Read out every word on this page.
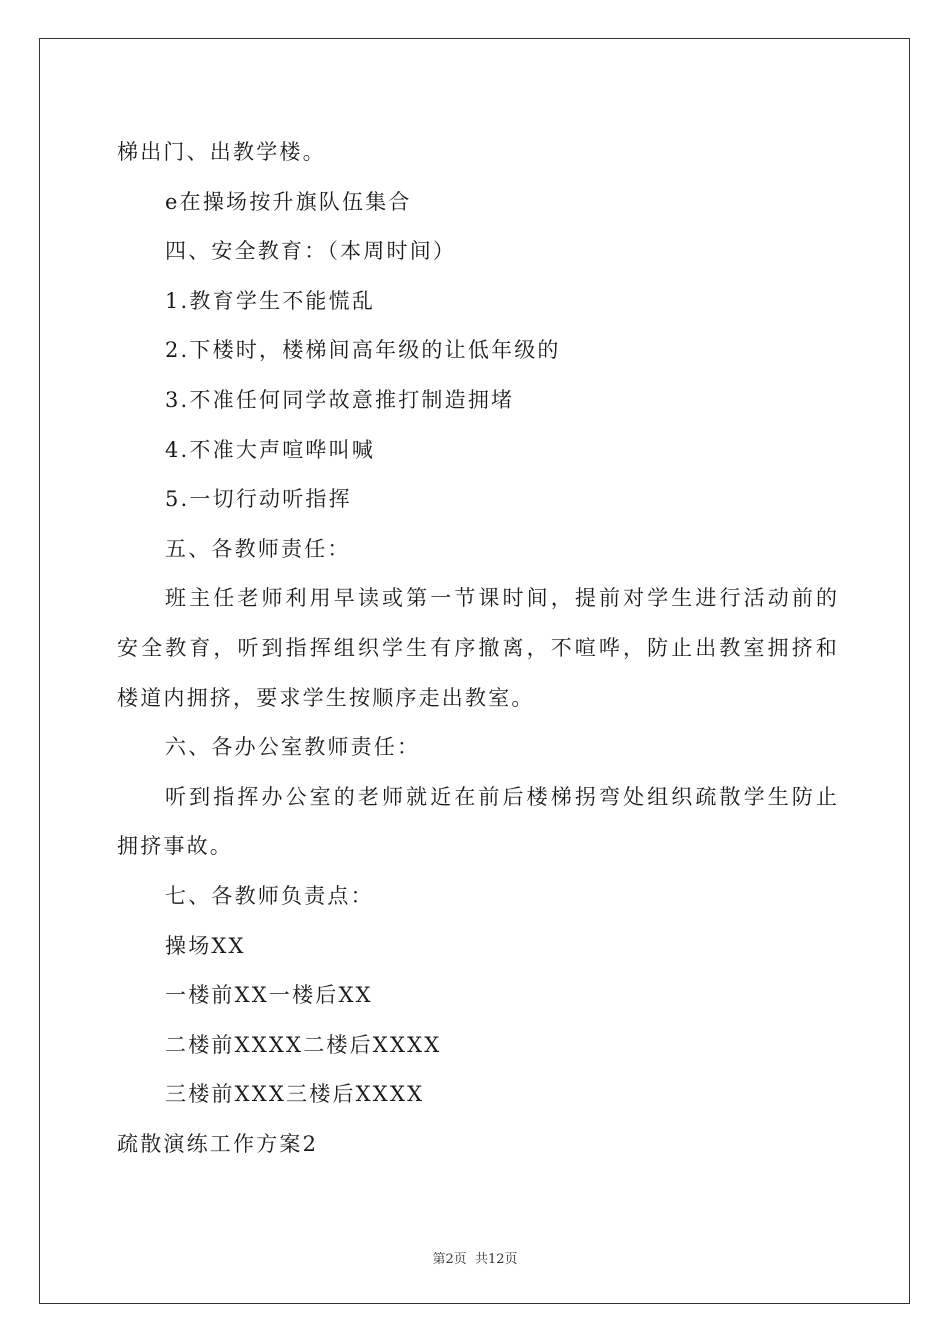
梯出门、出教学楼。
e在操场按升旗队伍集合
四、安全教育：（本周时间）
1.教育学生不能慌乱
2.下楼时，楼梯间高年级的让低年级的
3.不准任何同学故意推打制造拥堵
4.不准大声喧哗叫喊
5.一切行动听指挥
五、各教师责任：
班 主 任 老 师 利 用 早 读 或 第 一 节 课 时 间 ， 提 前 对 学 生 进 行 活 动 前 的
安 全 教 育 ， 听 到 指 挥 组 织 学 生 有 序 撤 离 ， 不 喧 哗 ， 防 止 出 教 室 拥 挤 和
楼道内拥挤，要求学生按顺序走出教室。
六、各办公室教师责任：
听 到 指 挥 办 公 室 的 老 师 就 近 在 前 后 楼 梯 拐 弯 处 组 织 疏 散 学 生 防 止
拥挤事故。
七、各教师负责点：
操场XX
一楼前XX一楼后XX
二楼前XXXX二楼后XXXX
三楼前XXX三楼后XXXX
疏散演练工作方案2
第2页 共12页
